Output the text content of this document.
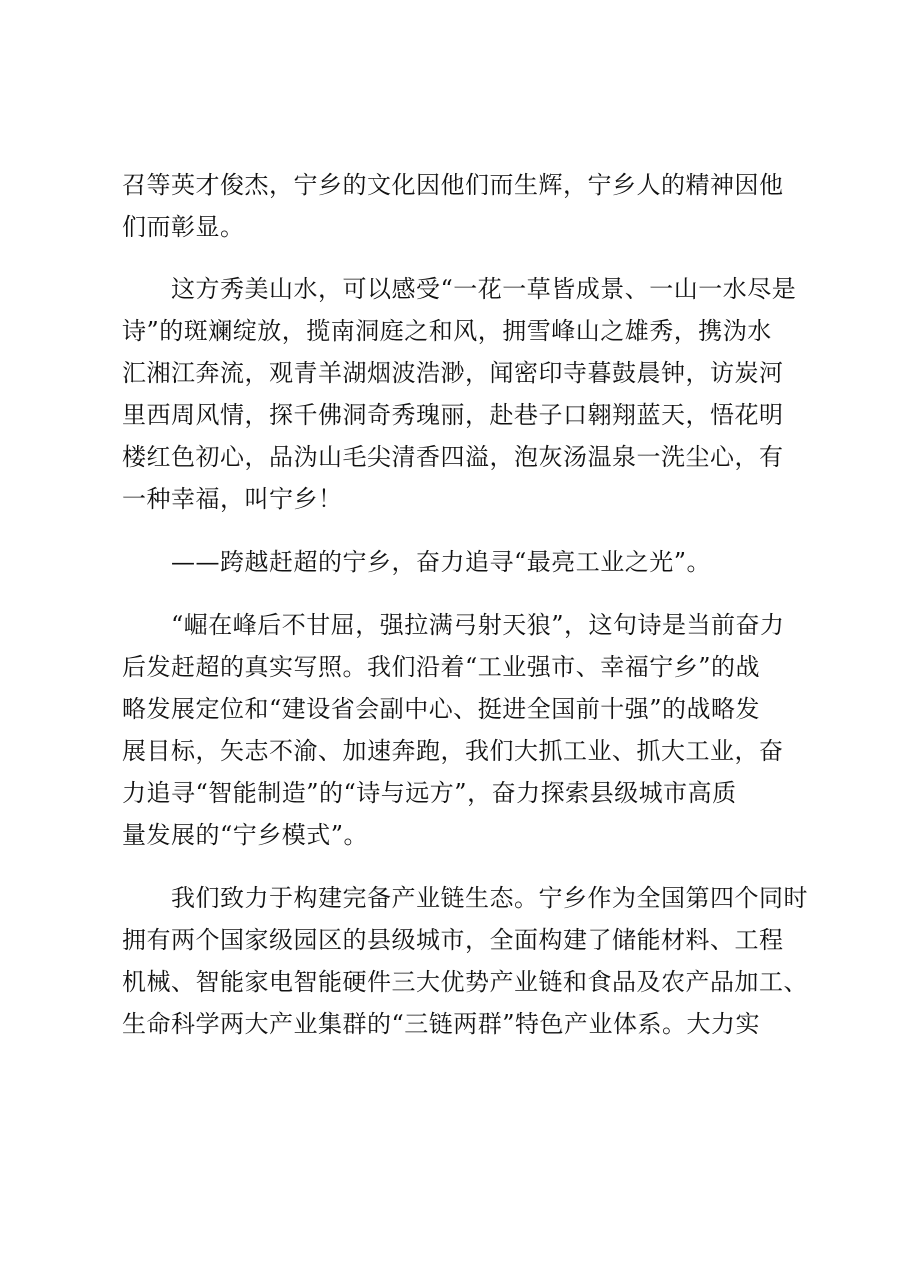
召等英才俊杰，宁乡的文化因他们而生辉，宁乡人的精神因他
们而彰显。
　　这方秀美山水，可以感受“一花一草皆成景、一山一水尽是
诗”的斑斓绽放，揽南洞庭之和风，拥雪峰山之雄秀，携沩水
汇湘江奔流，观青羊湖烟波浩渺，闻密印寺暮鼓晨钟，访炭河
里西周风情，探千佛洞奇秀瑰丽，赴巷子口翱翔蓝天，悟花明
楼红色初心，品沩山毛尖清香四溢，泡灰汤温泉一洗尘心，有
一种幸福，叫宁乡！
　　——跨越赶超的宁乡，奋力追寻“最亮工业之光”。
　　“崛在峰后不甘屈，强拉满弓射天狼”，这句诗是当前奋力
后发赶超的真实写照。我们沿着“工业强市、幸福宁乡”的战
略发展定位和“建设省会副中心、挺进全国前十强”的战略发
展目标，矢志不渝、加速奔跑，我们大抓工业、抓大工业，奋
力追寻“智能制造”的“诗与远方”，奋力探索县级城市高质
量发展的“宁乡模式”。
　　我们致力于构建完备产业链生态。宁乡作为全国第四个同时
拥有两个国家级园区的县级城市，全面构建了储能材料、工程
机械、智能家电智能硬件三大优势产业链和食品及农产品加工、
生命科学两大产业集群的“三链两群”特色产业体系。大力实
